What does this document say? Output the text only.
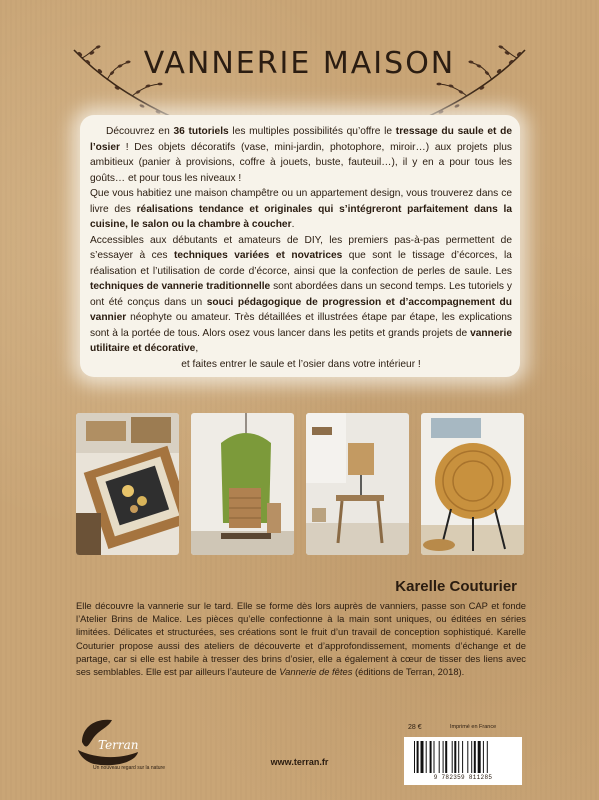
VANNERIE MAISON

Découvrez en 36 tutoriels les multiples possibilités qu’offre le tressage du saule et de l’osier ! Des objets décoratifs (vase, mini-jardin, photophore, miroir…) aux projets plus ambitieux (panier à provisions, coffre à jouets, buste, fauteuil…), il y en a pour tous les goûts… et pour tous les niveaux !

Que vous habitiez une maison champêtre ou un appartement design, vous trouverez dans ce livre des réalisations tendance et originales qui s’intégreront parfaitement dans la cuisine, le salon ou la chambre à coucher.

Accessibles aux débutants et amateurs de DIY, les premiers pas-à-pas permettent de s’essayer à ces techniques variées et novatrices que sont le tissage d’écorces, la réalisation et l’utilisation de corde d’écorce, ainsi que la confection de perles de saule. Les techniques de vannerie traditionnelle sont abordées dans un second temps. Les tutoriels y ont été conçus dans un souci pédagogique de progression et d’accompagnement du vannier néophyte ou amateur. Très détaillées et illustrées étape par étape, les explications sont à la portée de tous. Alors osez vous lancer dans les petits et grands projets de vannerie utilitaire et décorative,

et faites entrer le saule et l’osier dans votre intérieur !

Karelle Couturier

Elle découvre la vannerie sur le tard. Elle se forme dès lors auprès de vanniers, passe son CAP et fonde l’Atelier Brins de Malice. Les pièces qu’elle confectionne à la main sont uniques, ou éditées en séries limitées. Délicates et structurées, ses créations sont le fruit d’un travail de conception sophistiqué. Karelle Couturier propose aussi des ateliers de découverte et d’approfondissement, moments d’échange et de partage, car si elle est habile à tresser des brins d’osier, elle a également à cœur de tisser des liens avec ses semblables. Elle est par ailleurs l’auteure de Vannerie de fêtes (éditions de Terran, 2018).

Terran
Un nouveau regard sur la nature
www.terran.fr
28 €	Imprimé en France
9 782359 811285
